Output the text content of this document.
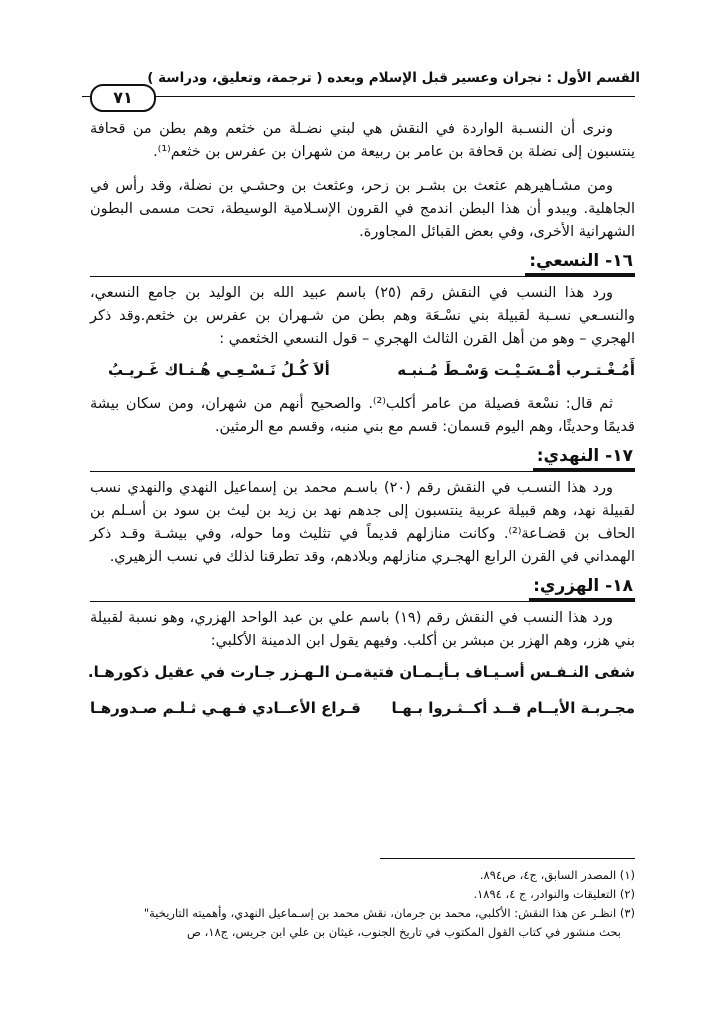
القسم الأول : نجران وعسير قبل الإسلام وبعده ( ترجمة، وتعليق، ودراسة )
٧١

ونرى أن النسـبة الواردة في النقش هي لبني نضـلة من خثعم وهم بطن من قحافة ينتسبون إلى نضلة بن قحافة بن عامر بن ربيعة من شهران بن عفرس بن خثعم⁽¹⁾.

ومن مشـاهيرهم عثعث بن بشـر بن زحر، وعثعث بن وحشـي بن نضلة، وقد رأس في الجاهلية. ويبدو أن هذا البطن اندمج في القرون الإسـلامية الوسيطة، تحت مسمى البطون الشهرانية الأخرى، وفي بعض القبائل المجاورة.

١٦- النسعي:

ورد هذا النسب في النقش رقم (٢٥) باسم عبيد الله بن الوليد بن جامع النسعي، والنسـعي نسـبة لقبيلة بني نسْـعَة وهم بطن من شـهران بن عفرس بن خثعم.وقد ذكر الهجري – وهو من أهل القرن الثالث الهجري – قول النسعي الخثعمي :

أَمُـغْـتـرب أمْـسَـيْـت وَسْـطَ مُـنبـه
ألاَ كُـلُ نَـسْـعِـي هُـنـاك غَـريـبُ

ثم قال: نسْعة فصيلة من عامر أكلب⁽²⁾. والصحيح أنهم من شهران، ومن سكان بيشة قديمًا وحديثًا، وهم اليوم قسمان: قسم مع بني منبه، وقسم مع الرمثين.

١٧- النهدي:

ورد هذا النسـب في النقش رقم (٢٠) باسـم محمد بن إسماعيل النهدي والنهدي نسب لقبيلة نهد، وهم قبيلة عربية ينتسبون إلى جدهم نهد بن زيد بن ليث بن سود بن أسـلم بن الحاف بن قضـاعة⁽²⁾. وكانت منازلهم قديماً في تثليث وما حوله، وفي بيشـة وقـد ذكر الهمداني في القرن الرابع الهجـري منازلهم وبلادهم، وقد تطرقنا لذلك في نسب الزهيري.

١٨- الهزري:

ورد هذا النسب في النقش رقم (١٩) باسم علي بن عبد الواحد الهزري، وهو نسبة لقبيلة بني هزر، وهم الهزر بن مبشر بن أكلب. وفيهم يقول ابن الدمينة الأكلبي:

شفى النـفـس أسـيـاف بـأيـمـان فتية
مـن الـهـزر جـارت في عقيل ذكورهـا.
مجـربـة الأيــام قــد أكــثـروا بـهـا
قـراع الأعــادي فـهـي ثـلـم صـدورهـا
(١) المصدر السابق، ج٤، ص٨٩٤.
(٢) التعليقات والنوادر، ج ٤، ١٨٩٤.
(٣) انظـر عن هذا النقش: الأكلبي، محمد بن جرمان، نقش محمد بن إسـماعيل النهدي، وأهميته التاريخية"
بحث منشور في كتاب القول المكتوب في تاريخ الجنوب، غيثان بن علي ابن جريس، ج١٨، ص
